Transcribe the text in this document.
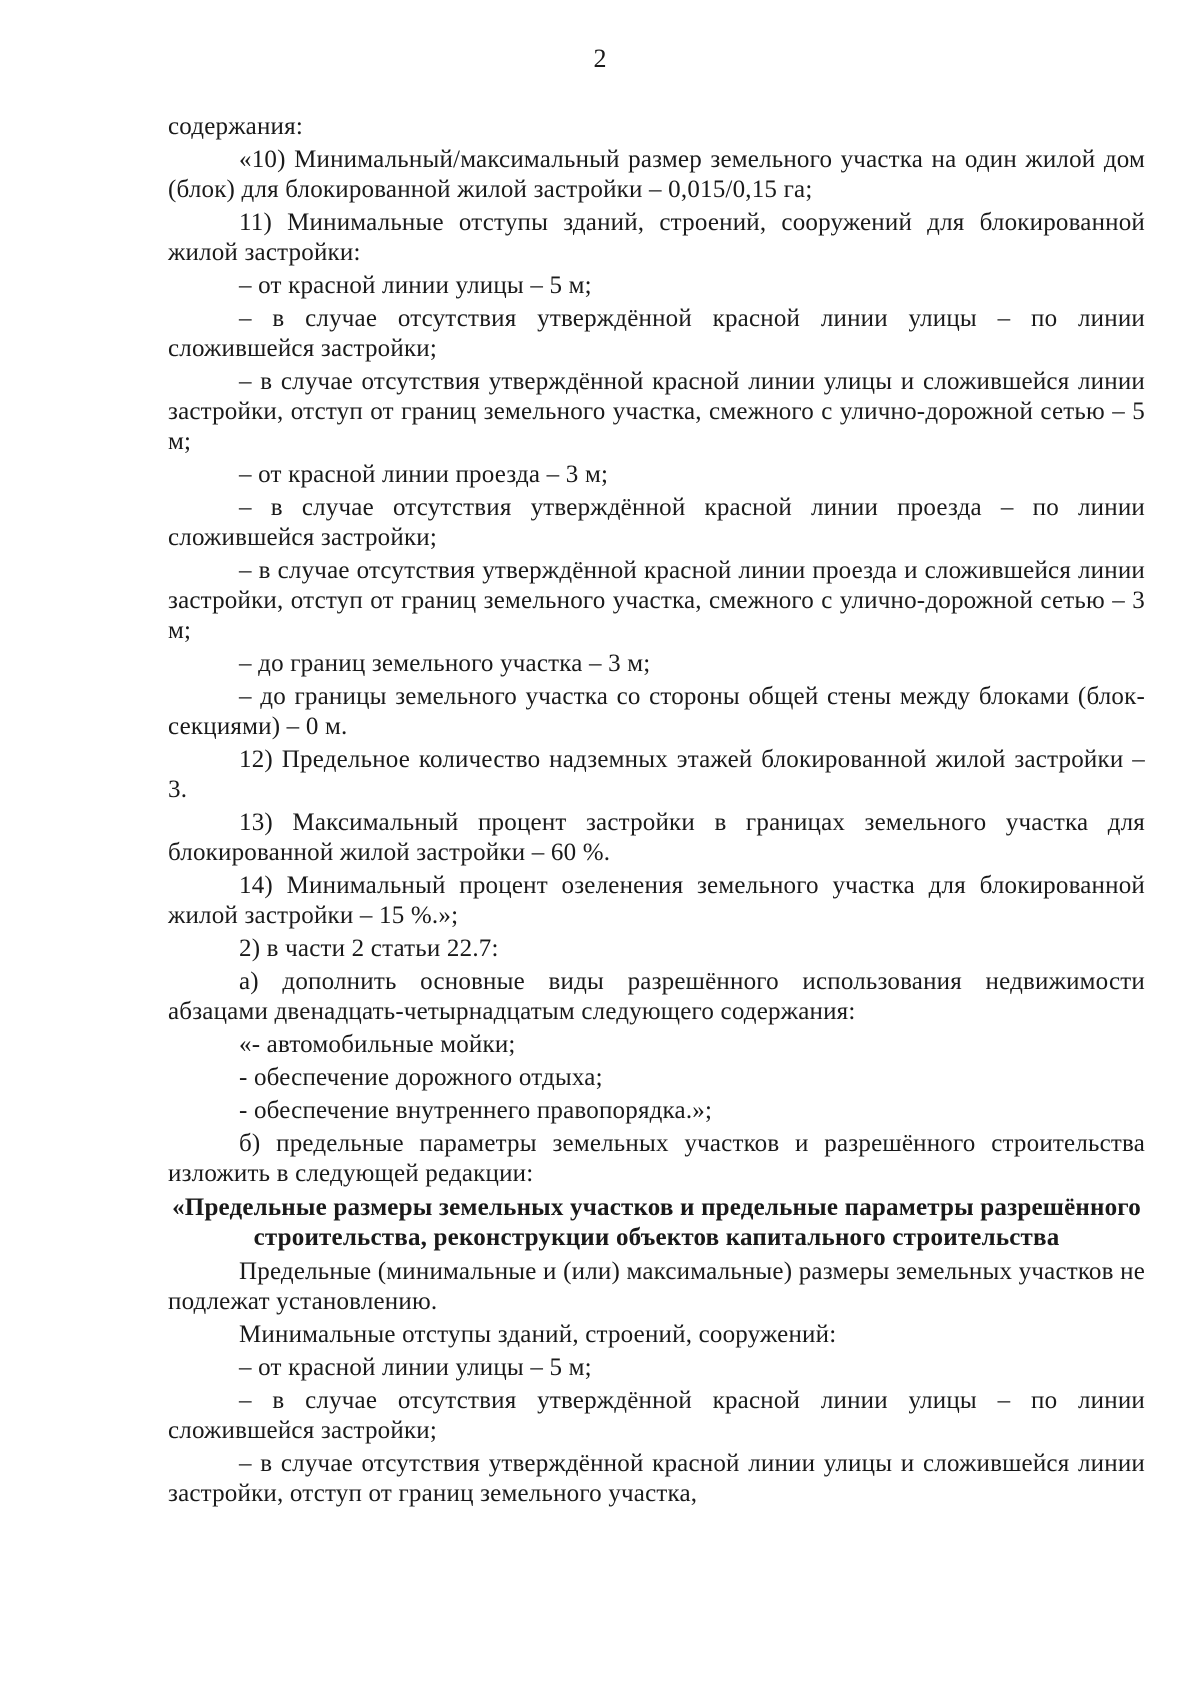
2

содержания:

«10) Минимальный/максимальный размер земельного участка на один жилой дом (блок) для блокированной жилой застройки – 0,015/0,15 га;

11) Минимальные отступы зданий, строений, сооружений для блокированной жилой застройки:

– от красной линии улицы – 5 м;

– в случае отсутствия утверждённой красной линии улицы – по линии сложившейся застройки;

– в случае отсутствия утверждённой красной линии улицы и сложившейся линии застройки, отступ от границ земельного участка, смежного с улично-дорожной сетью – 5 м;

– от красной линии проезда – 3 м;

– в случае отсутствия утверждённой красной линии проезда – по линии сложившейся застройки;

– в случае отсутствия утверждённой красной линии проезда и сложившейся линии застройки, отступ от границ земельного участка, смежного с улично-дорожной сетью – 3 м;

– до границ земельного участка – 3 м;

– до границы земельного участка со стороны общей стены между блоками (блок-секциями) – 0 м.

12) Предельное количество надземных этажей блокированной жилой застройки – 3.

13) Максимальный процент застройки в границах земельного участка для блокированной жилой застройки – 60 %.

14) Минимальный процент озеленения земельного участка для блокированной жилой застройки – 15 %.»;

2) в части 2 статьи 22.7:

а) дополнить основные виды разрешённого использования недвижимости абзацами двенадцать-четырнадцатым следующего содержания:

«- автомобильные мойки;

- обеспечение дорожного отдыха;

- обеспечение внутреннего правопорядка.»;

б) предельные параметры земельных участков и разрешённого строительства изложить в следующей редакции:

«Предельные размеры земельных участков и предельные параметры разрешённого строительства, реконструкции объектов капитального строительства

Предельные (минимальные и (или) максимальные) размеры земельных участков не подлежат установлению.

Минимальные отступы зданий, строений, сооружений:

– от красной линии улицы – 5 м;

– в случае отсутствия утверждённой красной линии улицы – по линии сложившейся застройки;

– в случае отсутствия утверждённой красной линии улицы и сложившейся линии застройки, отступ от границ земельного участка,
